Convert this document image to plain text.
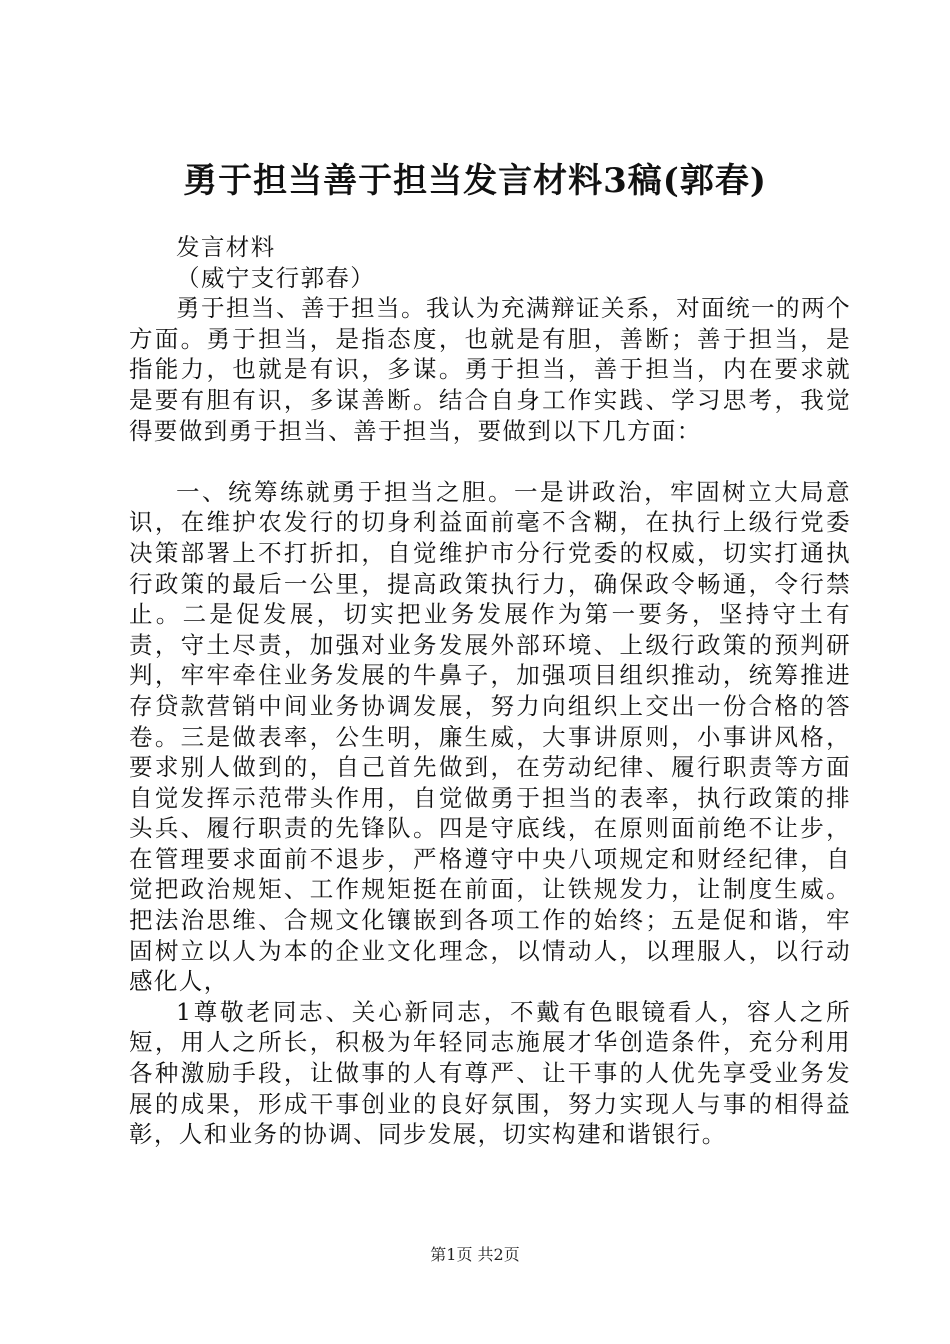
勇于担当善于担当发言材料3稿(郭春)

发言材料

（威宁支行郭春）

勇于担当、善于担当。我认为充满辩证关系，对面统一的两个方面。勇于担当，是指态度，也就是有胆，善断；善于担当，是指能力，也就是有识，多谋。勇于担当，善于担当，内在要求就是要有胆有识，多谋善断。结合自身工作实践、学习思考，我觉得要做到勇于担当、善于担当，要做到以下几方面：

一、统筹练就勇于担当之胆。一是讲政治，牢固树立大局意识，在维护农发行的切身利益面前毫不含糊，在执行上级行党委决策部署上不打折扣，自觉维护市分行党委的权威，切实打通执行政策的最后一公里，提高政策执行力，确保政令畅通，令行禁止。二是促发展，切实把业务发展作为第一要务，坚持守土有责，守土尽责，加强对业务发展外部环境、上级行政策的预判研判，牢牢牵住业务发展的牛鼻子，加强项目组织推动，统筹推进存贷款营销中间业务协调发展，努力向组织上交出一份合格的答卷。三是做表率，公生明，廉生威，大事讲原则，小事讲风格，要求别人做到的，自己首先做到，在劳动纪律、履行职责等方面自觉发挥示范带头作用，自觉做勇于担当的表率，执行政策的排头兵、履行职责的先锋队。四是守底线，在原则面前绝不让步，在管理要求面前不退步，严格遵守中央八项规定和财经纪律，自觉把政治规矩、工作规矩挺在前面，让铁规发力，让制度生威。把法治思维、合规文化镶嵌到各项工作的始终；五是促和谐，牢固树立以人为本的企业文化理念，以情动人，以理服人，以行动感化人，

1尊敬老同志、关心新同志，不戴有色眼镜看人，容人之所短，用人之所长，积极为年轻同志施展才华创造条件，充分利用各种激励手段，让做事的人有尊严、让干事的人优先享受业务发展的成果，形成干事创业的良好氛围，努力实现人与事的相得益彰，人和业务的协调、同步发展，切实构建和谐银行。

第1页 共2页
